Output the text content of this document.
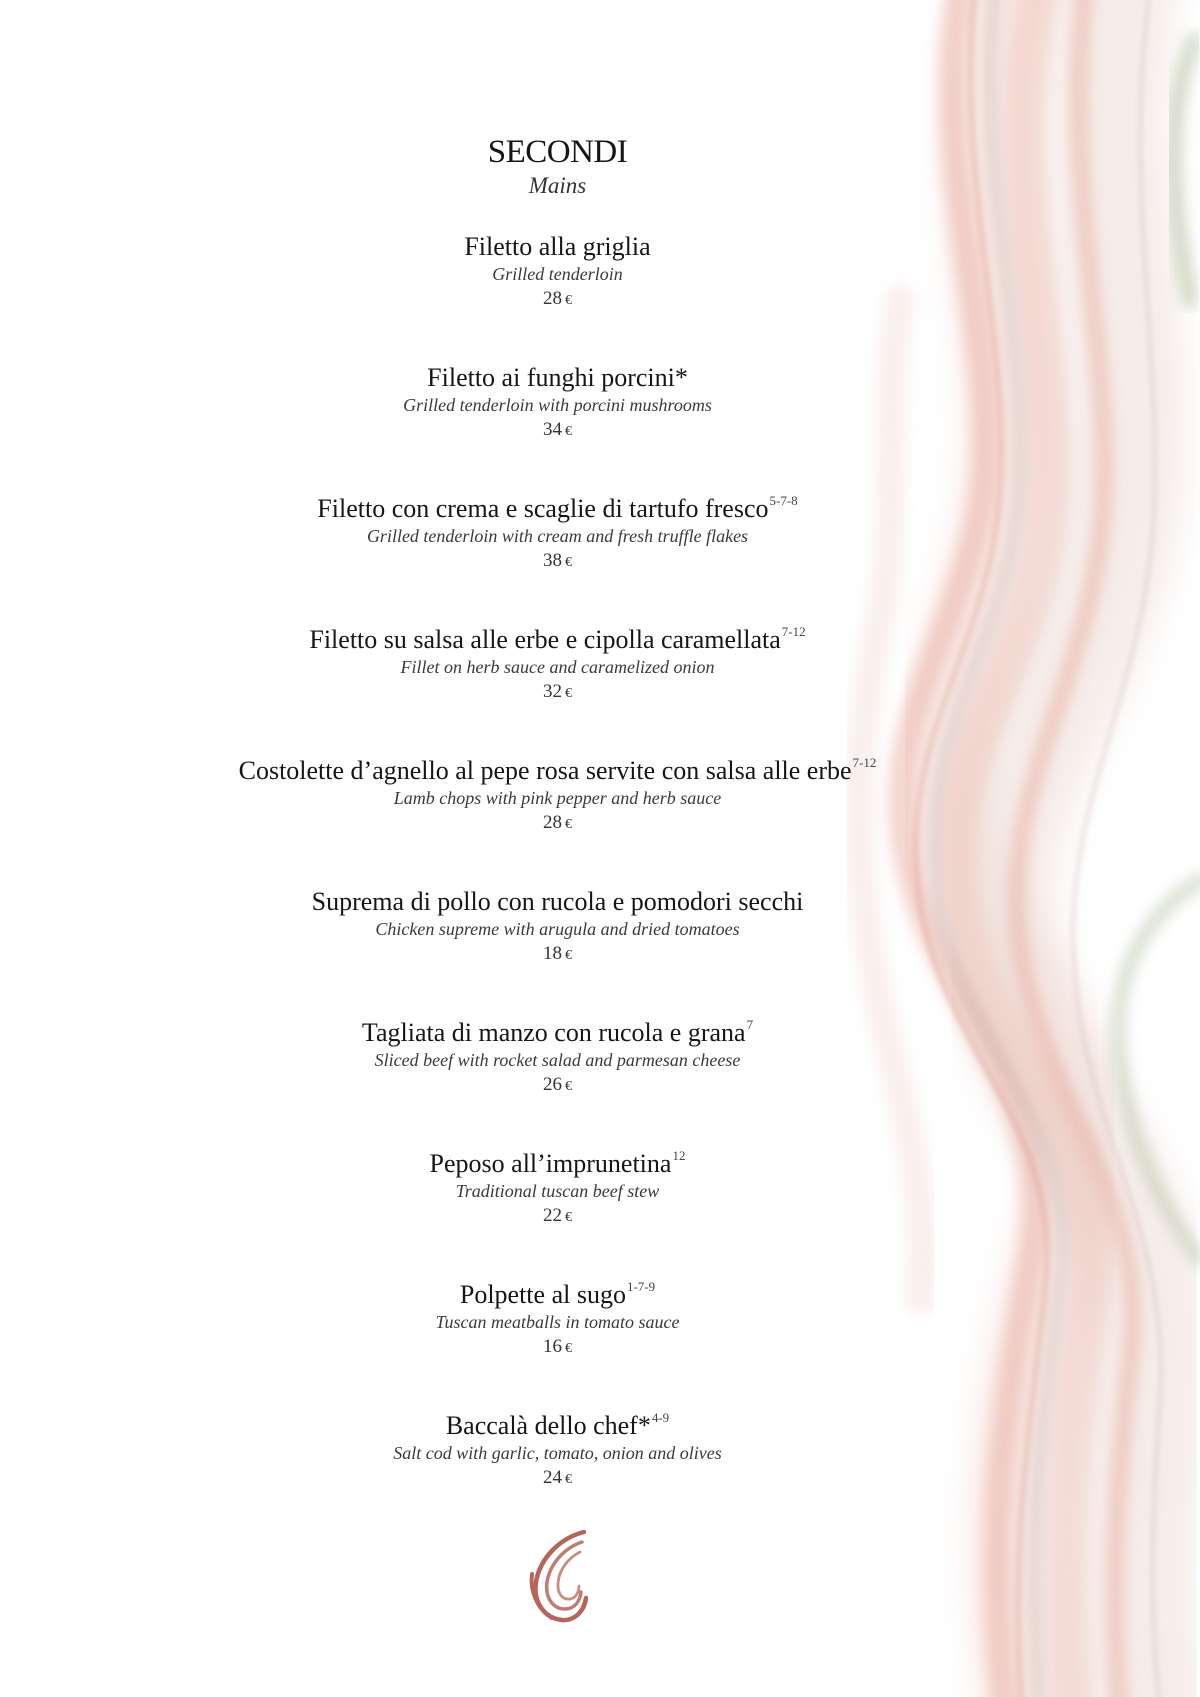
SECONDI
Mains
Filetto alla griglia
Grilled tenderloin
28 €
Filetto ai funghi porcini*
Grilled tenderloin with porcini mushrooms
34 €
Filetto con crema e scaglie di tartufo fresco$^{5-7-8}$
Grilled tenderloin with cream and fresh truffle flakes
38 €
Filetto su salsa alle erbe e cipolla caramellata$^{7-12}$
Fillet on herb sauce and caramelized onion
32 €
Costolette d’agnello al pepe rosa servite con salsa alle erbe$^{7-12}$
Lamb chops with pink pepper and herb sauce
28 €
Suprema di pollo con rucola e pomodori secchi
Chicken supreme with arugula and dried tomatoes
18 €
Tagliata di manzo con rucola e grana$^7$
Sliced beef with rocket salad and parmesan cheese
26 €
Peposo all’imprunetina$^{12}$
Traditional tuscan beef stew
22 €
Polpette al sugo$^{1-7-9}$
Tuscan meatballs in tomato sauce
16 €
Baccalà dello chef*$^{4-9}$
Salt cod with garlic, tomato, onion and olives
24 €
